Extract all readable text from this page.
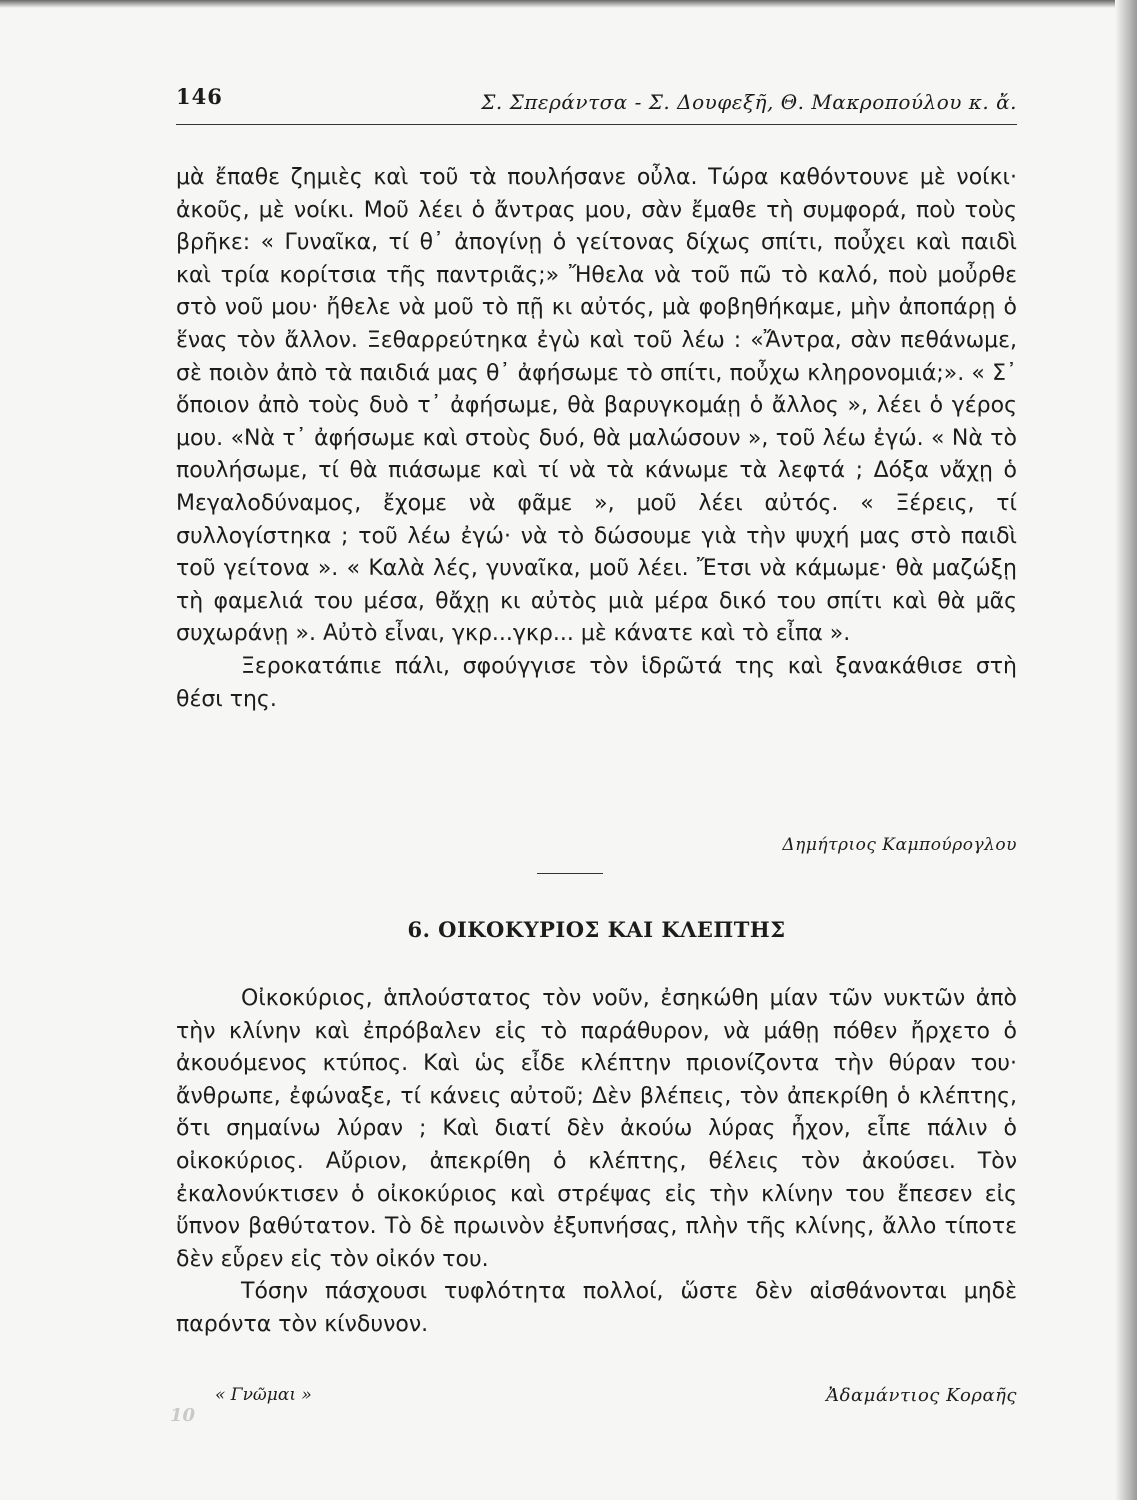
146	Σ. Σπεράντσα - Σ. Δουφεξῆ, Θ. Μακροπούλου κ. ἄ.

μὰ ἔπαθε ζημιὲς καὶ τοῦ τὰ πουλήσανε οὖλα. Τώρα καθόντουνε μὲ νοίκι· ἀκοῦς, μὲ νοίκι. Μοῦ λέει ὁ ἄντρας μου, σὰν ἔμαθε τὴ συμφορά, ποὺ τοὺς βρῆκε: « Γυναῖκα, τί θ᾿ ἀπογίνῃ ὁ γείτονας δίχως σπίτι, ποὖχει καὶ παιδὶ καὶ τρία κορίτσια τῆς παντριᾶς;» Ἤθελα νὰ τοῦ πῶ τὸ καλό, ποὺ μοὖρθε στὸ νοῦ μου· ἤθελε νὰ μοῦ τὸ πῇ κι αὐτός, μὰ φοβηθήκαμε, μὴν ἀποπάρῃ ὁ ἕνας τὸν ἄλλον. Ξεθαρρεύτηκα ἐγὼ καὶ τοῦ λέω : «Ἄντρα, σὰν πεθάνωμε, σὲ ποιὸν ἀπὸ τὰ παιδιά μας θ᾿ ἀφήσωμε τὸ σπίτι, ποὖχω κληρονομιά;». « Σ᾿ ὅποιον ἀπὸ τοὺς δυὸ τ᾿ ἀφήσωμε, θὰ βαρυγκομάῃ ὁ ἄλλος », λέει ὁ γέρος μου. «Νὰ τ᾿ ἀφήσωμε καὶ στοὺς δυό, θὰ μαλώσουν », τοῦ λέω ἐγώ. « Νὰ τὸ πουλήσωμε, τί θὰ πιάσωμε καὶ τί νὰ τὰ κάνωμε τὰ λεφτά ; Δόξα νἄχῃ ὁ Μεγαλοδύναμος, ἔχομε νὰ φᾶμε », μοῦ λέει αὐτός. « Ξέρεις, τί συλλογίστηκα ; τοῦ λέω ἐγώ· νὰ τὸ δώσουμε γιὰ τὴν ψυχή μας στὸ παιδὶ τοῦ γείτονα ». « Καλὰ λές, γυναῖκα, μοῦ λέει. Ἔτσι νὰ κάμωμε· θὰ μαζώξῃ τὴ φαμελιά του μέσα, θἄχῃ κι αὐτὸς μιὰ μέρα δικό του σπίτι καὶ θὰ μᾶς συχωράνῃ ». Αὐτὸ εἶναι, γκρ...γκρ... μὲ κάνατε καὶ τὸ εἶπα ».

Ξεροκατάπιε πάλι, σφούγγισε τὸν ἱδρῶτά της καὶ ξανακάθισε στὴ θέσι της.

Δημήτριος Καμπούρογλου
6. ΟΙΚΟΚΥΡΙΟΣ ΚΑΙ ΚΛΕΠΤΗΣ

Οἰκοκύριος, ἁπλούστατος τὸν νοῦν, ἐσηκώθη μίαν τῶν νυκτῶν ἀπὸ τὴν κλίνην καὶ ἐπρόβαλεν εἰς τὸ παράθυρον, νὰ μάθῃ πόθεν ἤρχετο ὁ ἀκουόμενος κτύπος. Καὶ ὡς εἶδε κλέπτην πριονίζοντα τὴν θύραν του· ἄνθρωπε, ἐφώναξε, τί κάνεις αὐτοῦ; Δὲν βλέπεις, τὸν ἀπεκρίθη ὁ κλέπτης, ὅτι σημαίνω λύραν ; Καὶ διατί δὲν ἀκούω λύρας ἦχον, εἶπε πάλιν ὁ οἰκοκύριος. Αὔριον, ἀπεκρίθη ὁ κλέπτης, θέλεις τὸν ἀκούσει. Τὸν ἐκαλονύκτισεν ὁ οἰκοκύριος καὶ στρέψας εἰς τὴν κλίνην του ἔπεσεν εἰς ὕπνον βαθύτατον. Τὸ δὲ πρωινὸν ἐξυπνήσας, πλὴν τῆς κλίνης, ἄλλο τίποτε δὲν εὗρεν εἰς τὸν οἰκόν του.

Τόσην πάσχουσι τυφλότητα πολλοί, ὥστε δὲν αἰσθάνονται μηδὲ παρόντα τὸν κίνδυνον.

« Γνῶμαι »	Ἀδαμάντιος Κοραῆς
10
